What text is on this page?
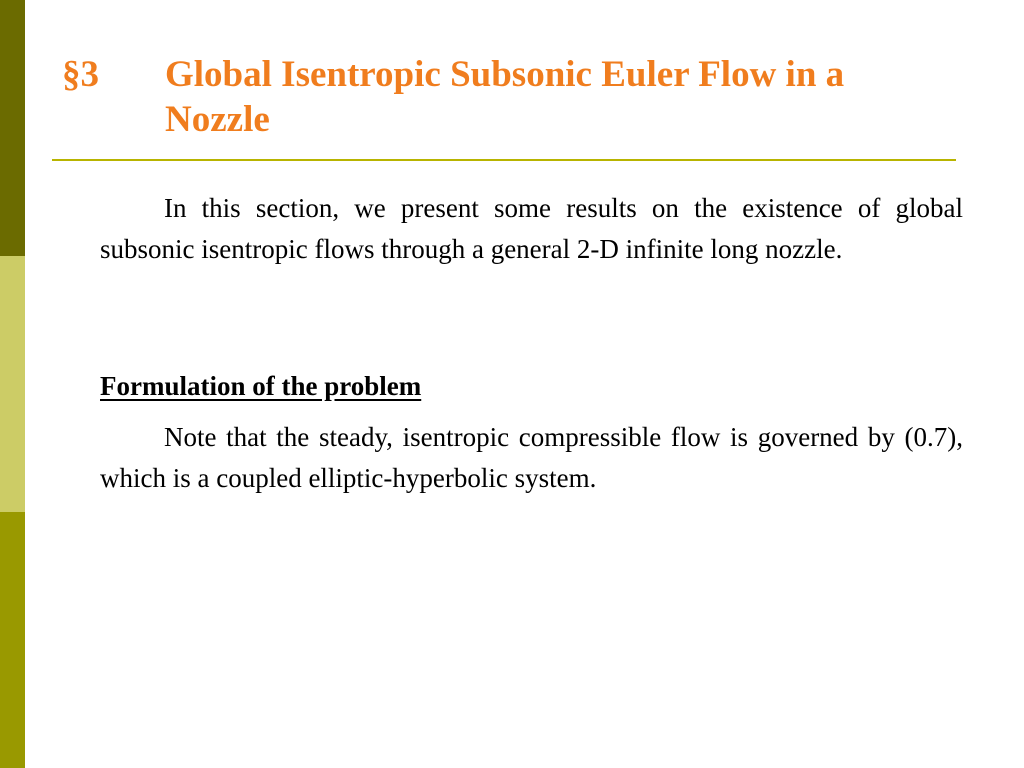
§3 Global Isentropic Subsonic Euler Flow in a Nozzle

In this section, we present some results on the existence of global subsonic isentropic flows through a general 2-D infinite long nozzle.

Formulation of the problem

Note that the steady, isentropic compressible flow is governed by (0.7), which is a coupled elliptic-hyperbolic system.
